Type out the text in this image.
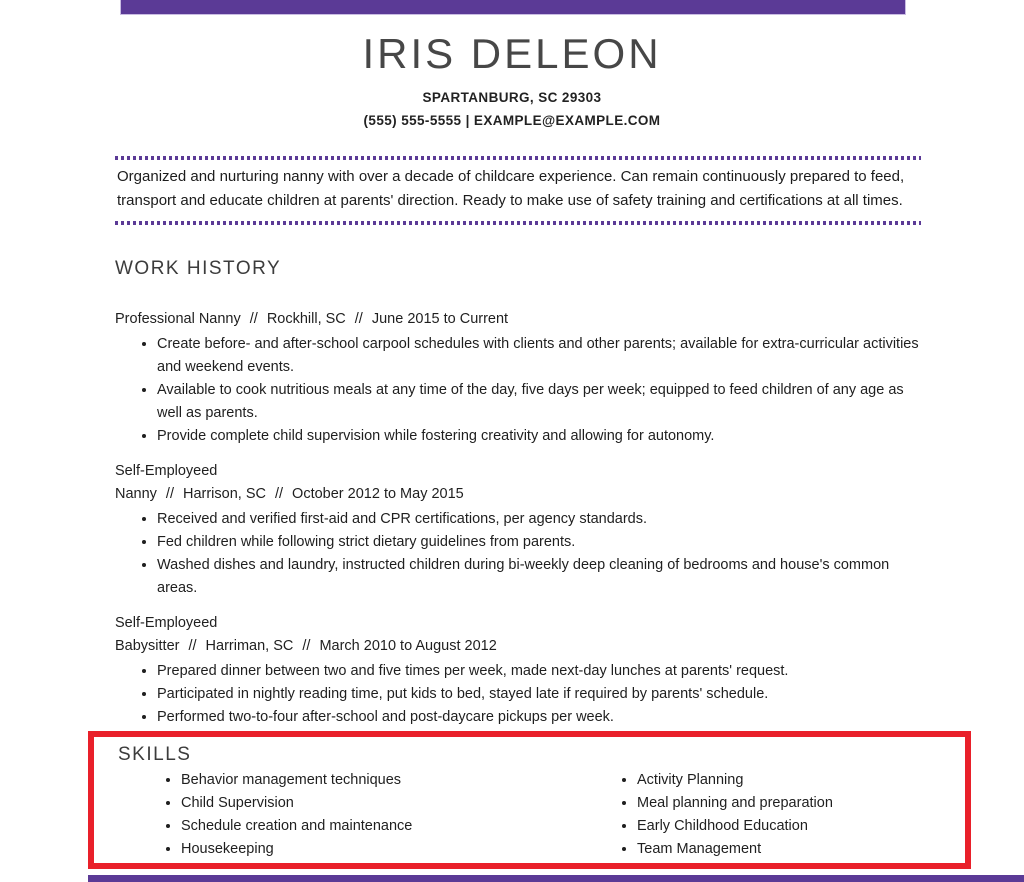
IRIS DELEON
SPARTANBURG, SC 29303
(555) 555-5555 | EXAMPLE@EXAMPLE.COM
Organized and nurturing nanny with over a decade of childcare experience. Can remain continuously prepared to feed, transport and educate children at parents' direction. Ready to make use of safety training and certifications at all times.
WORK HISTORY
Professional Nanny // Rockhill, SC // June 2015 to Current
• Create before- and after-school carpool schedules with clients and other parents; available for extra-curricular activities and weekend events.
• Available to cook nutritious meals at any time of the day, five days per week; equipped to feed children of any age as well as parents.
• Provide complete child supervision while fostering creativity and allowing for autonomy.
Self-Employeed
Nanny // Harrison, SC // October 2012 to May 2015
• Received and verified first-aid and CPR certifications, per agency standards.
• Fed children while following strict dietary guidelines from parents.
• Washed dishes and laundry, instructed children during bi-weekly deep cleaning of bedrooms and house's common areas.
Self-Employeed
Babysitter // Harriman, SC // March 2010 to August 2012
• Prepared dinner between two and five times per week, made next-day lunches at parents' request.
• Participated in nightly reading time, put kids to bed, stayed late if required by parents' schedule.
• Performed two-to-four after-school and post-daycare pickups per week.
SKILLS
• Behavior management techniques
• Child Supervision
• Schedule creation and maintenance
• Housekeeping
• Activity Planning
• Meal planning and preparation
• Early Childhood Education
• Team Management
